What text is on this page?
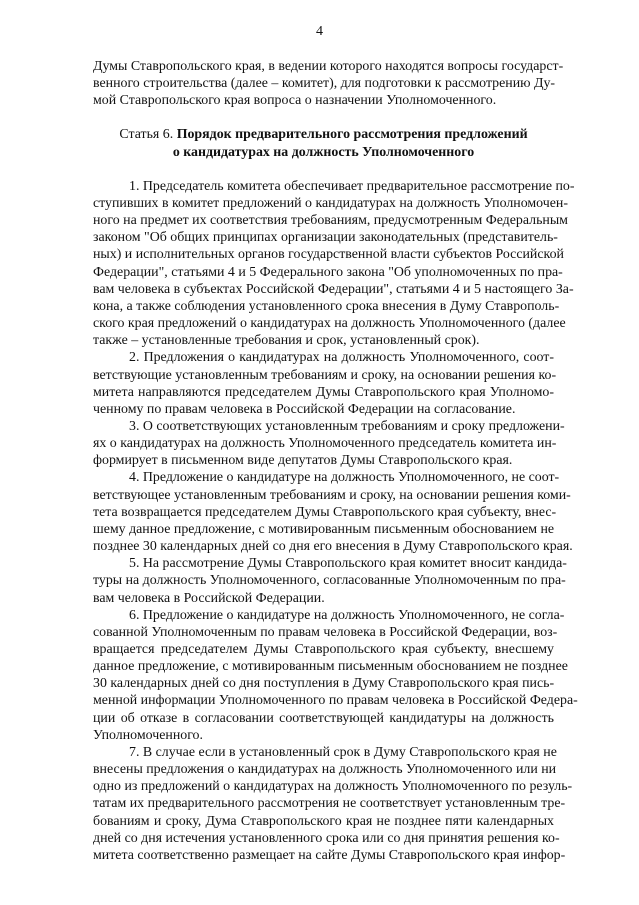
4
Думы Ставропольского края, в ведении которого находятся вопросы государст-
венного строительства (далее – комитет), для подготовки к рассмотрению Ду-
мой Ставропольского края вопроса о назначении Уполномоченного.
Статья 6. Порядок предварительного рассмотрения предложений
о кандидатурах на должность Уполномоченного
1. Председатель комитета обеспечивает предварительное рассмотрение по-
ступивших в комитет предложений о кандидатурах на должность Уполномочен-
ного на предмет их соответствия требованиям, предусмотренным Федеральным
законом "Об общих принципах организации законодательных (представитель-
ных) и исполнительных органов государственной власти субъектов Российской
Федерации", статьями 4 и 5 Федерального закона "Об уполномоченных по пра-
вам человека в субъектах Российской Федерации", статьями 4 и 5 настоящего За-
кона, а также соблюдения установленного срока внесения в Думу Ставрополь-
ского края предложений о кандидатурах на должность Уполномоченного (далее
также – установленные требования и срок, установленный срок).
2. Предложения о кандидатурах на должность Уполномоченного, соот-
ветствующие установленным требованиям и сроку, на основании решения ко-
митета направляются председателем Думы Ставропольского края Уполномо-
ченному по правам человека в Российской Федерации на согласование.
3. О соответствующих установленным требованиям и сроку предложени-
ях о кандидатурах на должность Уполномоченного председатель комитета ин-
формирует в письменном виде депутатов Думы Ставропольского края.
4. Предложение о кандидатуре на должность Уполномоченного, не соот-
ветствующее установленным требованиям и сроку, на основании решения коми-
тета возвращается председателем Думы Ставропольского края субъекту, внес-
шему данное предложение, с мотивированным письменным обоснованием не
позднее 30 календарных дней со дня его внесения в Думу Ставропольского края.
5. На рассмотрение Думы Ставропольского края комитет вносит кандида-
туры на должность Уполномоченного, согласованные Уполномоченным по пра-
вам человека в Российской Федерации.
6. Предложение о кандидатуре на должность Уполномоченного, не согла-
сованной Уполномоченным по правам человека в Российской Федерации, воз-
вращается председателем Думы Ставропольского края субъекту, внесшему
данное предложение, с мотивированным письменным обоснованием не позднее
30 календарных дней со дня поступления в Думу Ставропольского края пись-
менной информации Уполномоченного по правам человека в Российской Федера-
ции об отказе в согласовании соответствующей кандидатуры на должность
Уполномоченного.
7. В случае если в установленный срок в Думу Ставропольского края не
внесены предложения о кандидатурах на должность Уполномоченного или ни
одно из предложений о кандидатурах на должность Уполномоченного по резуль-
татам их предварительного рассмотрения не соответствует установленным тре-
бованиям и сроку, Дума Ставропольского края не позднее пяти календарных
дней со дня истечения установленного срока или со дня принятия решения ко-
митета соответственно размещает на сайте Думы Ставропольского края инфор-
